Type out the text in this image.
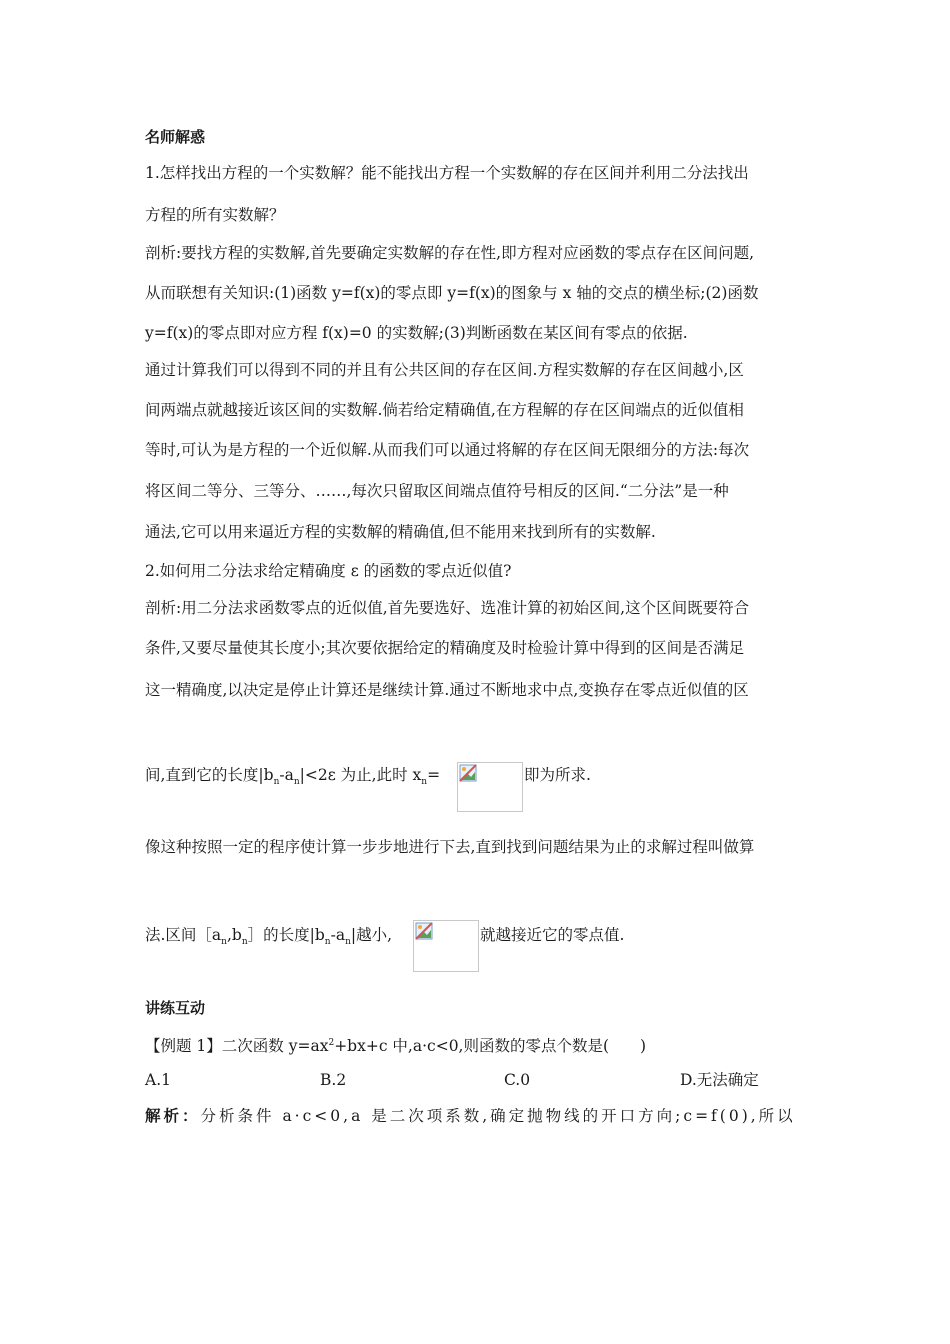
名师解惑
1.怎样找出方程的一个实数解？能不能找出方程一个实数解的存在区间并利用二分法找出
方程的所有实数解？
剖析:要找方程的实数解,首先要确定实数解的存在性,即方程对应函数的零点存在区间问题,
从而联想有关知识:(1)函数 y=f(x)的零点即 y=f(x)的图象与 x 轴的交点的横坐标;(2)函数
y=f(x)的零点即对应方程 f(x)=0 的实数解;(3)判断函数在某区间有零点的依据.
通过计算我们可以得到不同的并且有公共区间的存在区间.方程实数解的存在区间越小,区
间两端点就越接近该区间的实数解.倘若给定精确值,在方程解的存在区间端点的近似值相
等时,可认为是方程的一个近似解.从而我们可以通过将解的存在区间无限细分的方法:每次
将区间二等分、三等分、……,每次只留取区间端点值符号相反的区间.“二分法”是一种
通法,它可以用来逼近方程的实数解的精确值,但不能用来找到所有的实数解.
2.如何用二分法求给定精确度 ε 的函数的零点近似值?
剖析:用二分法求函数零点的近似值,首先要选好、选准计算的初始区间,这个区间既要符合
条件,又要尽量使其长度小;其次要依据给定的精确度及时检验计算中得到的区间是否满足
这一精确度,以决定是停止计算还是继续计算.通过不断地求中点,变换存在零点近似值的区
间,直到它的长度$|b_n-a_n|<2\varepsilon$ 为止,此时 $x_n=$	即为所求.
像这种按照一定的程序使计算一步步地进行下去,直到找到问题结果为止的求解过程叫做算
法.区间$[a_n,b_n]$的长度$|b_n-a_n|$越小,	就越接近它的零点值.
讲练互动
【例题 1】二次函数 $y=ax^2+bx+c$ 中,a·c<0,则函数的零点个数是(　　)
A.1	B.2	C.0	D.无法确定
解析：分析条件 a·c<0,a 是二次项系数,确定抛物线的开口方向;c=f(0),所以
